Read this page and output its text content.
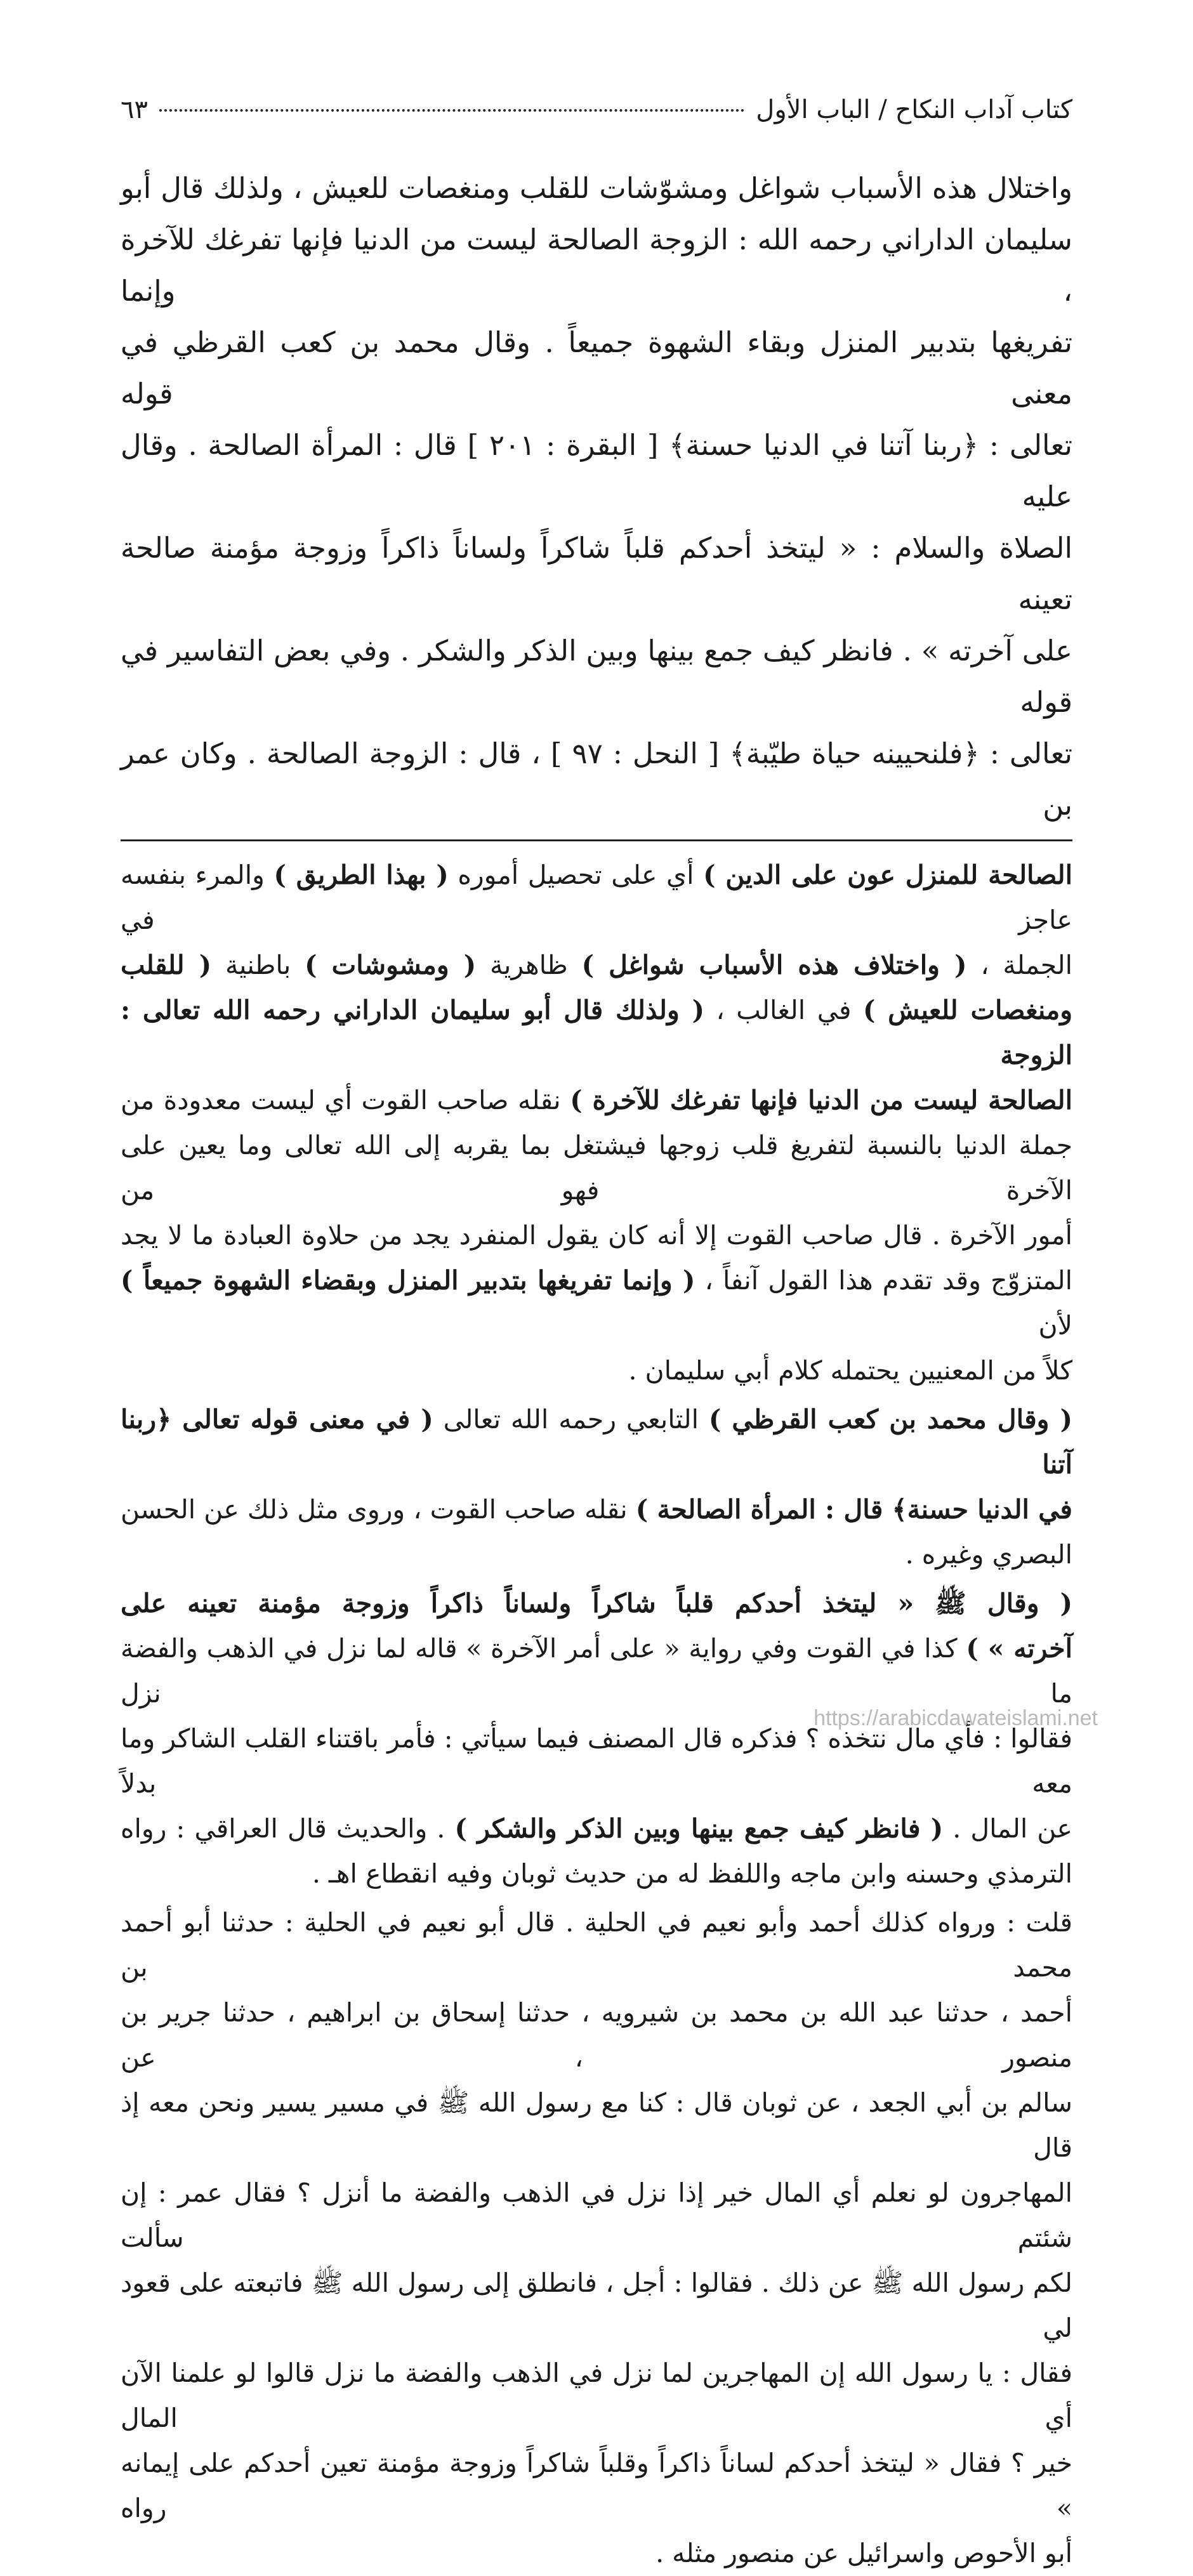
كتاب آداب النكاح / الباب الأول
٦٣

واختلال هذه الأسباب شواغل ومشوّشات للقلب ومنغصات للعيش ، ولذلك قال أبو

سليمان الداراني رحمه الله : الزوجة الصالحة ليست من الدنيا فإنها تفرغك للآخرة ، وإنما

تفريغها بتدبير المنزل وبقاء الشهوة جميعاً . وقال محمد بن كعب القرظي في معنى قوله

تعالى : ﴿ربنا آتنا في الدنيا حسنة﴾ [ البقرة : ٢٠١ ] قال : المرأة الصالحة . وقال عليه

الصلاة والسلام : « ليتخذ أحدكم قلباً شاكراً ولساناً ذاكراً وزوجة مؤمنة صالحة تعينه

على آخرته » . فانظر كيف جمع بينها وبين الذكر والشكر . وفي بعض التفاسير في قوله

تعالى : ﴿فلنحيينه حياة طيّبة﴾ [ النحل : ٩٧ ] ، قال : الزوجة الصالحة . وكان عمر بن

الصالحة للمنزل عون على الدين ) أي على تحصيل أموره ( بهذا الطريق ) والمرء بنفسه عاجز في
الجملة ، ( واختلاف هذه الأسباب شواغل ) ظاهرية ( ومشوشات ) باطنية ( للقلب
ومنغصات للعيش ) في الغالب ، ( ولذلك قال أبو سليمان الداراني رحمه الله تعالى : الزوجة
الصالحة ليست من الدنيا فإنها تفرغك للآخرة ) نقله صاحب القوت أي ليست معدودة من
جملة الدنيا بالنسبة لتفريغ قلب زوجها فيشتغل بما يقربه إلى الله تعالى وما يعين على الآخرة فهو من
أمور الآخرة . قال صاحب القوت إلا أنه كان يقول المنفرد يجد من حلاوة العبادة ما لا يجد
المتزوّج وقد تقدم هذا القول آنفاً ، ( وإنما تفريغها بتدبير المنزل وبقضاء الشهوة جميعاً ) لأن
كلاً من المعنيين يحتمله كلام أبي سليمان .
( وقال محمد بن كعب القرظي ) التابعي رحمه الله تعالى ( في معنى قوله تعالى ﴿ربنا آتنا
في الدنيا حسنة﴾ قال : المرأة الصالحة ) نقله صاحب القوت ، وروى مثل ذلك عن الحسن
البصري وغيره .
( وقال ﷺ « ليتخذ أحدكم قلباً شاكراً ولساناً ذاكراً وزوجة مؤمنة تعينه على
آخرته » ) كذا في القوت وفي رواية « على أمر الآخرة » قاله لما نزل في الذهب والفضة ما نزل
فقالوا : فأي مال نتخذه ؟ فذكره قال المصنف فيما سيأتي : فأمر باقتناء القلب الشاكر وما معه بدلاً
عن المال . ( فانظر كيف جمع بينها وبين الذكر والشكر ) . والحديث قال العراقي : رواه
الترمذي وحسنه وابن ماجه واللفظ له من حديث ثوبان وفيه انقطاع اهـ .
قلت : ورواه كذلك أحمد وأبو نعيم في الحلية . قال أبو نعيم في الحلية : حدثنا أبو أحمد محمد بن
أحمد ، حدثنا عبد الله بن محمد بن شيرويه ، حدثنا إسحاق بن ابراهيم ، حدثنا جرير بن منصور ، عن
سالم بن أبي الجعد ، عن ثوبان قال : كنا مع رسول الله ﷺ في مسير يسير ونحن معه إذ قال
المهاجرون لو نعلم أي المال خير إذا نزل في الذهب والفضة ما أنزل ؟ فقال عمر : إن شئتم سألت
لكم رسول الله ﷺ عن ذلك . فقالوا : أجل ، فانطلق إلى رسول الله ﷺ فاتبعته على قعود لي
فقال : يا رسول الله إن المهاجرين لما نزل في الذهب والفضة ما نزل قالوا لو علمنا الآن أي المال
خير ؟ فقال « ليتخذ أحدكم لساناً ذاكراً وقلباً شاكراً وزوجة مؤمنة تعين أحدكم على إيمانه » رواه
أبو الأحوص واسرائيل عن منصور مثله .
https://arabicdawateislami.net
